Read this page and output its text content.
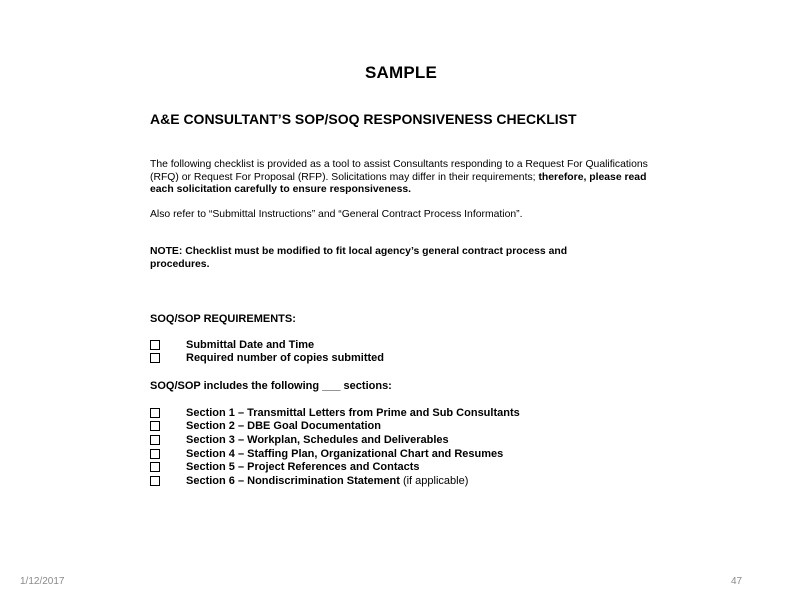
SAMPLE
A&E CONSULTANT’S SOP/SOQ RESPONSIVENESS CHECKLIST
The following checklist is provided as a tool to assist Consultants responding to a Request For Qualifications (RFQ) or Request For Proposal (RFP). Solicitations may differ in their requirements; therefore, please read each solicitation carefully to ensure responsiveness.
Also refer to “Submittal Instructions” and “General Contract Process Information”.
NOTE: Checklist must be modified to fit local agency’s general contract process and procedures.
SOQ/SOP REQUIREMENTS:
Submittal Date and Time
Required number of copies submitted
SOQ/SOP includes the following ___ sections:
Section 1 – Transmittal Letters from Prime and Sub Consultants
Section 2 – DBE Goal Documentation
Section 3 – Workplan, Schedules and Deliverables
Section 4 – Staffing Plan, Organizational Chart and Resumes
Section 5 – Project References and Contacts
Section 6 – Nondiscrimination Statement (if applicable)
1/12/2017	47
